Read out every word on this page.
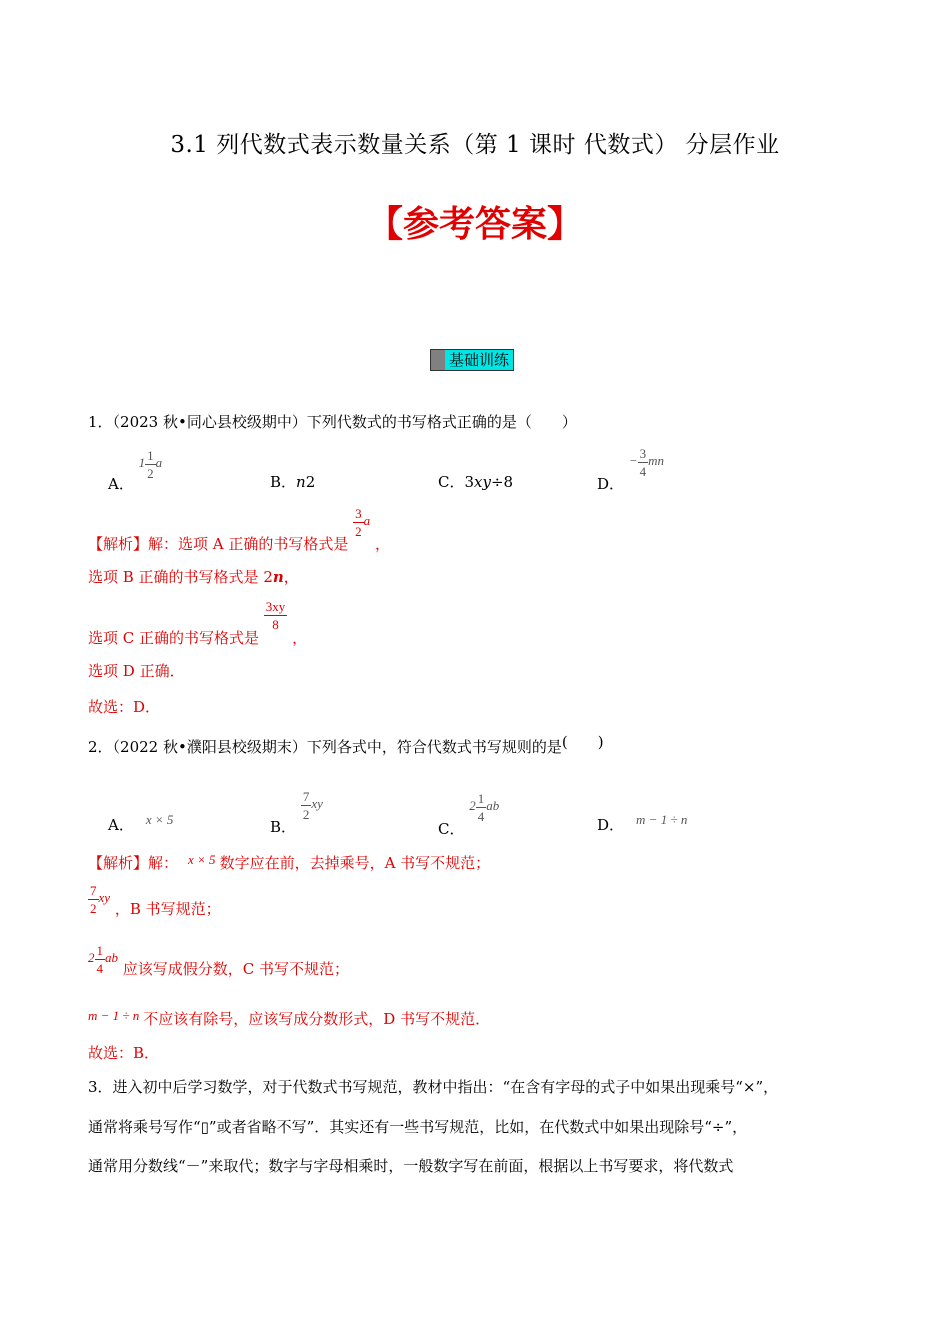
3.1 列代数式表示数量关系（第 1 课时 代数式） 分层作业
【参考答案】
基础训练
1．（2023 秋•同心县校级期中）下列代数式的书写格式正确的是（　　）
A． $1 \frac{1}{2}$ a
B．n2	C．3xy÷8	D． − $\frac{3}{4}$ mn
【解析】解：选项 A 正确的书写格式是
$\frac{3}{2}$ a ，
选项 B 正确的书写格式是 2n，
选项 C 正确的书写格式是
$\frac{3xy}{8}$
，
选项 D 正确．
故选：D．
2．（2022 秋•濮阳县校级期末）下列各式中，符合代数式书写规则的是(　　)
A． x × 5	B．
$\frac{7}{2}$ xy
C． $2 \frac{1}{4}$ ab
D． m − 1 ÷ n
【解析】解： x × 5 数字应在前，去掉乘号，A 书写不规范；
$\frac{7}{2}$ xy ，B 书写规范；
$2 \frac{1}{4}$ ab 应该写成假分数，C 书写不规范；
m − 1 ÷ n 不应该有除号，应该写成分数形式，D 书写不规范．
故选：B．
3．进入初中后学习数学，对于代数式书写规范，教材中指出：“在含有字母的式子中如果出现乘号“×”，
通常将乘号写作“▯”或者省略不写”．其实还有一些书写规范，比如，在代数式中如果出现除号“÷”，
通常用分数线“－”来取代；数字与字母相乘时，一般数字写在前面，根据以上书写要求，将代数式
